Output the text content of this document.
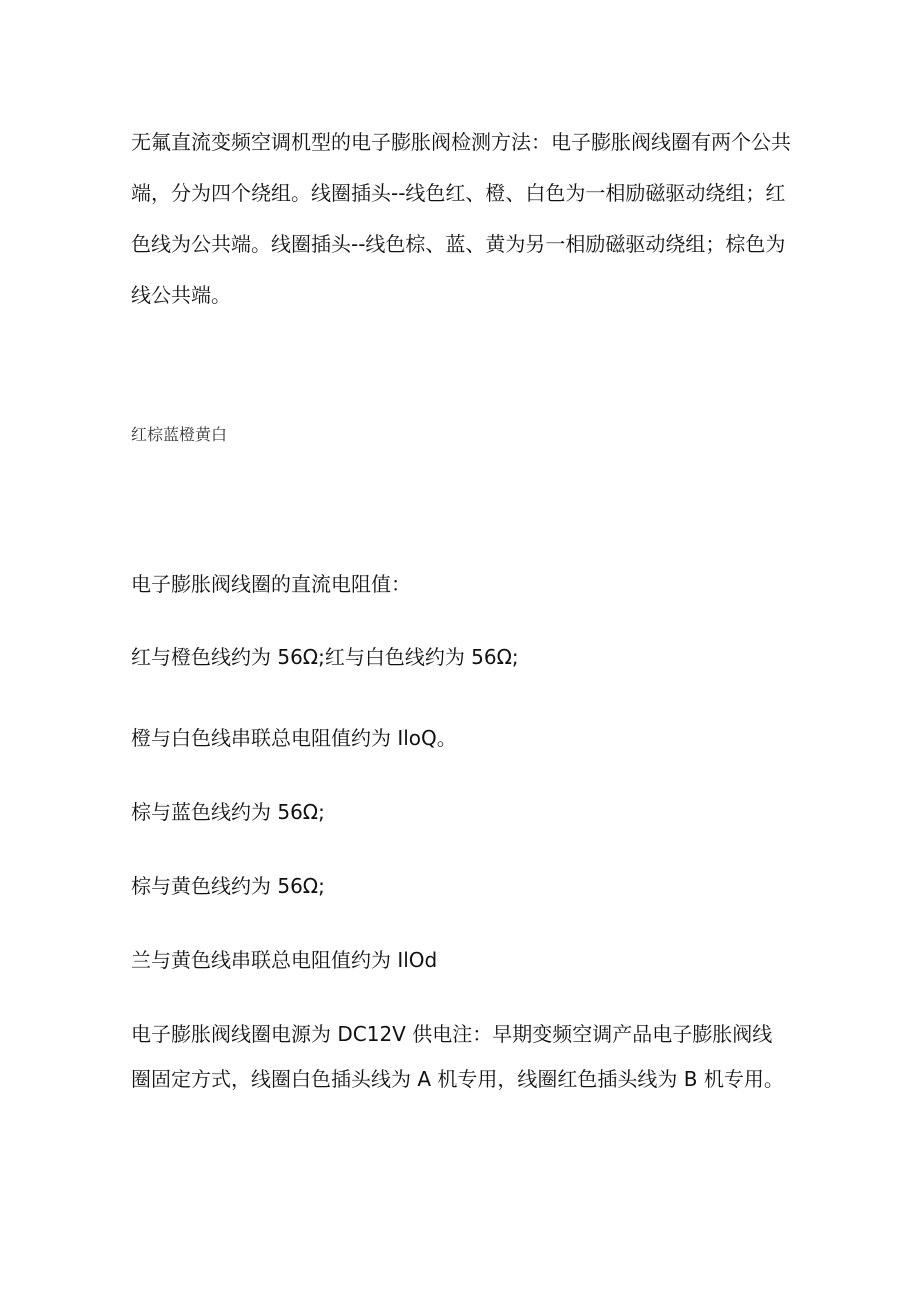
无氟直流变频空调机型的电子膨胀阀检测方法：电子膨胀阀线圈有两个公共端，分为四个绕组。线圈插头--线色红、橙、白色为一相励磁驱动绕组；红色线为公共端。线圈插头--线色棕、蓝、黄为另一相励磁驱动绕组；棕色为线公共端。

红棕蓝橙黄白

电子膨胀阀线圈的直流电阻值：

红与橙色线约为 56Ω;红与白色线约为 56Ω;

橙与白色线串联总电阻值约为 IloQ。

棕与蓝色线约为 56Ω;

棕与黄色线约为 56Ω;

兰与黄色线串联总电阻值约为 IlOd

电子膨胀阀线圈电源为 DC12V 供电注：早期变频空调产品电子膨胀阀线圈固定方式，线圈白色插头线为 A 机专用，线圈红色插头线为 B 机专用。
